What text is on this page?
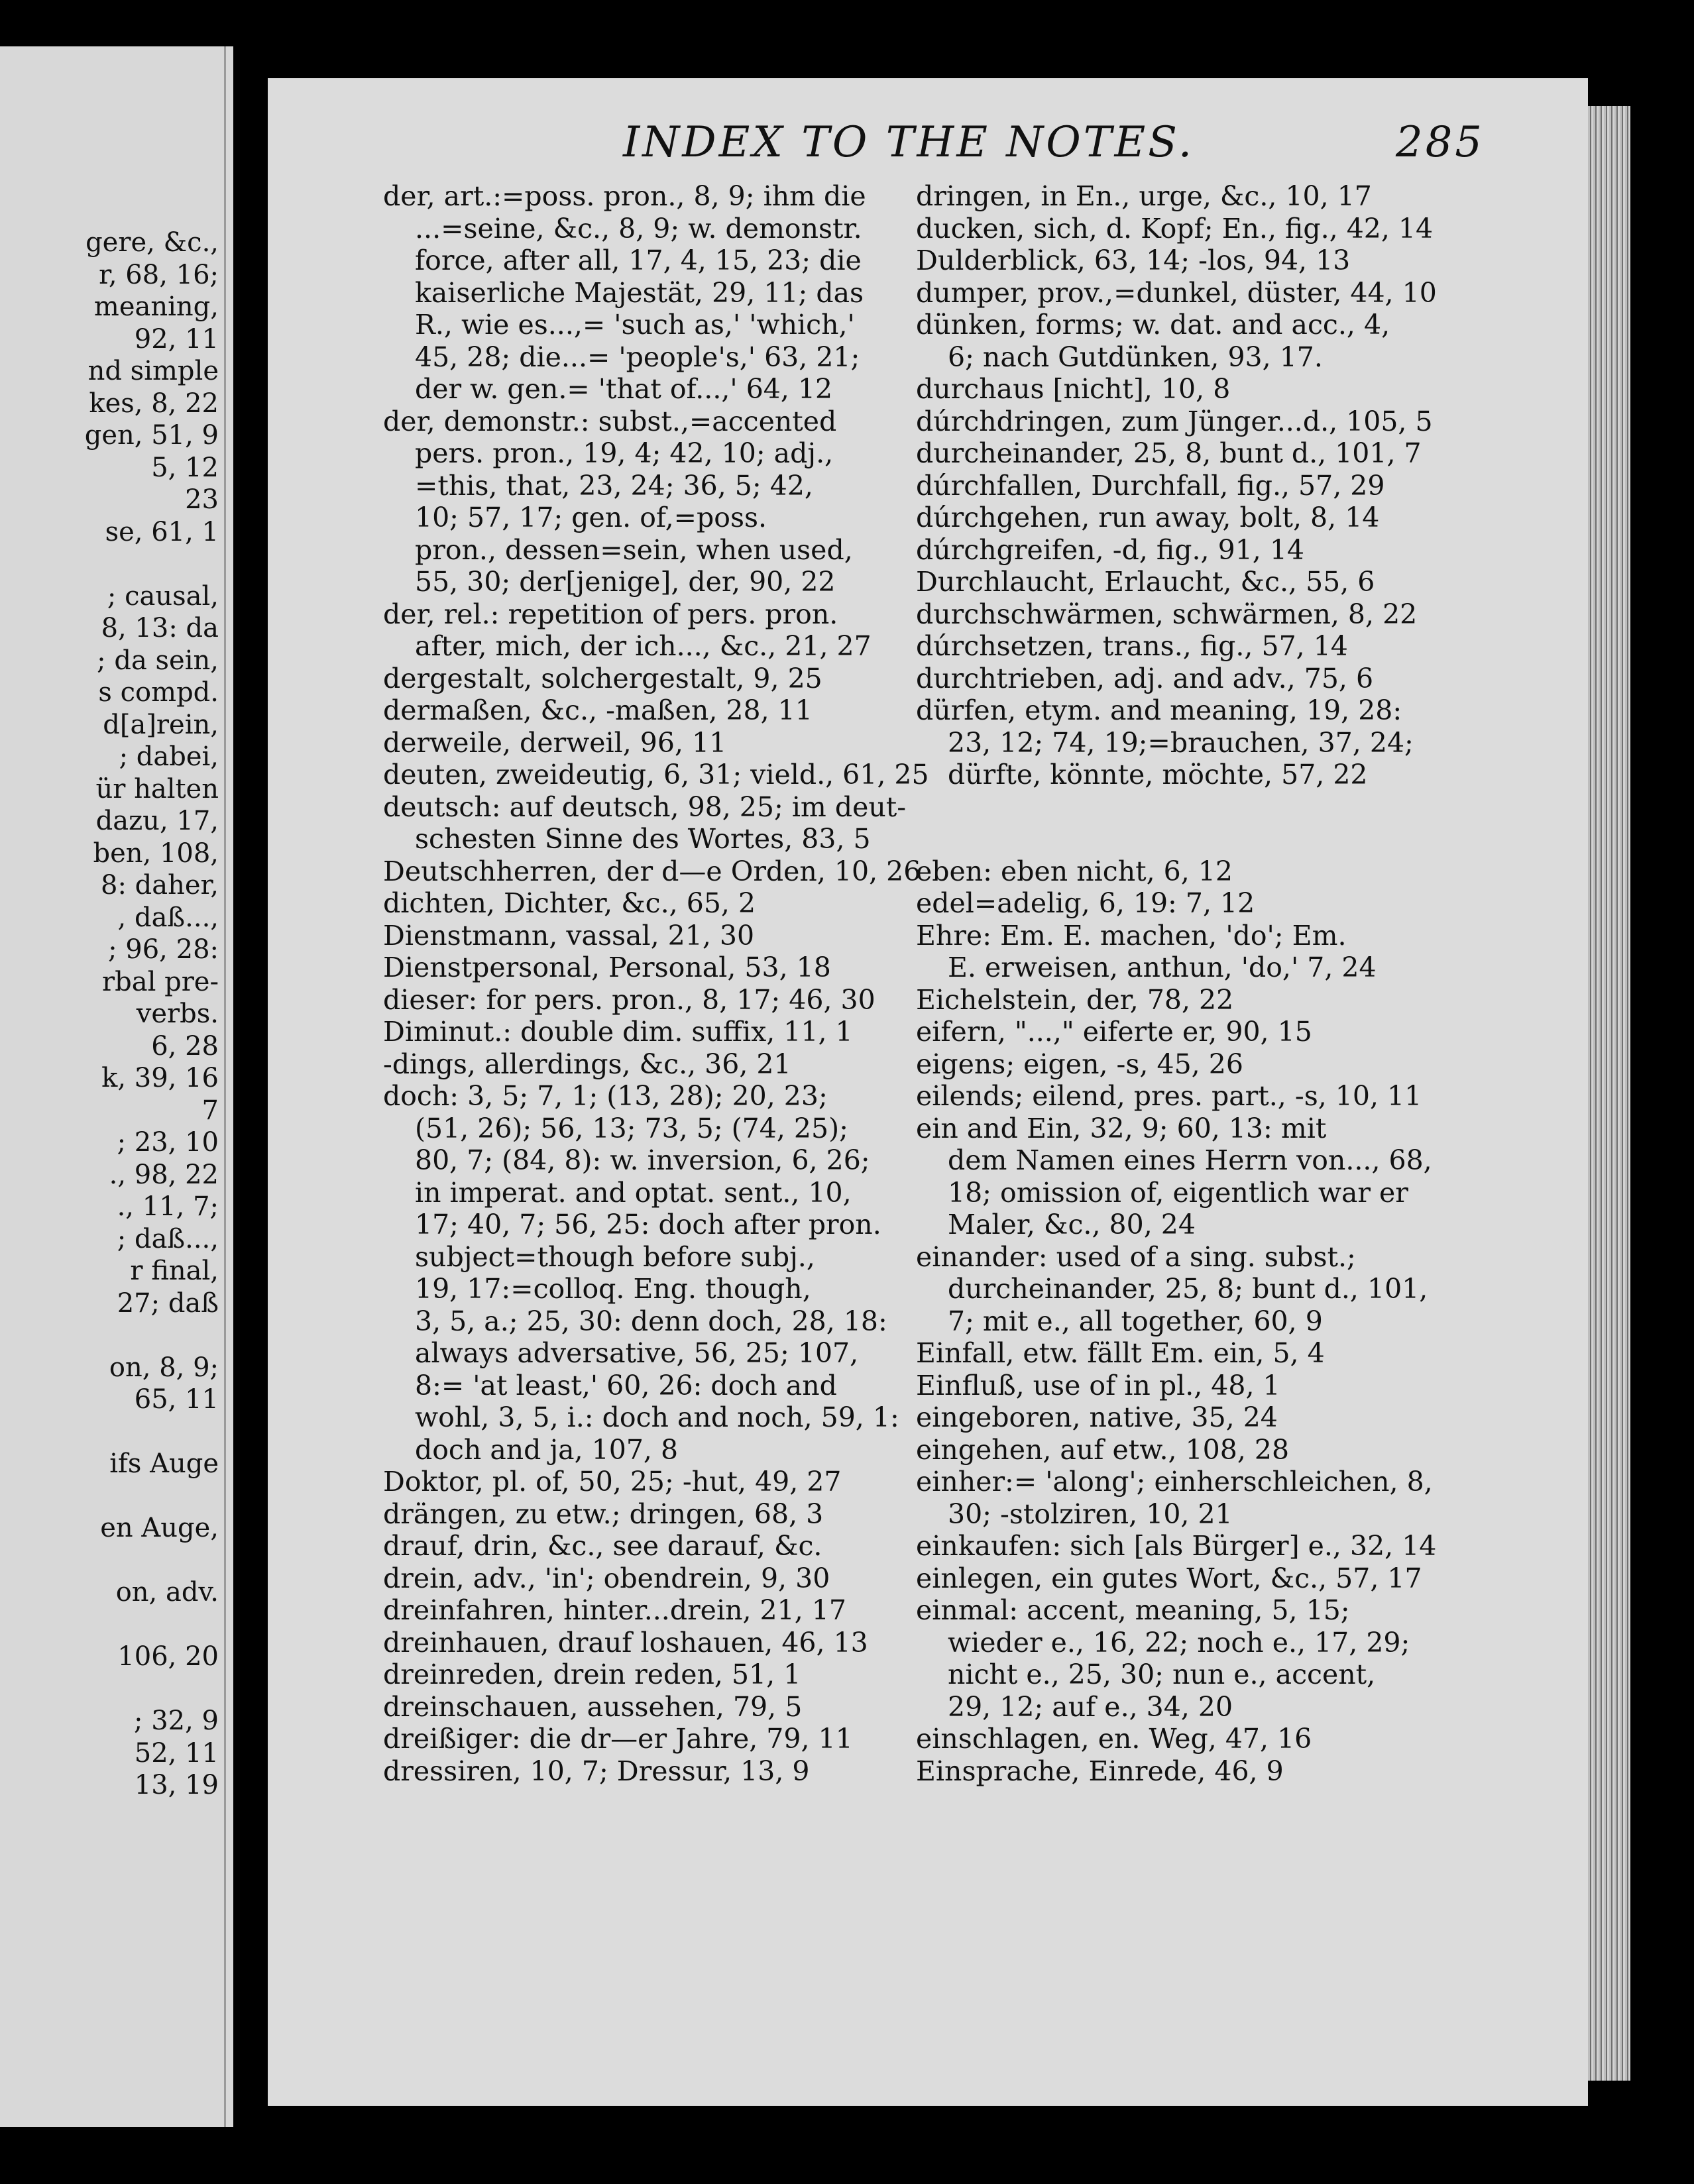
gere, &c.,
r, 68, 16;
meaning,
92, 11
nd simple
kes, 8, 22
gen, 51, 9
5, 12
23
se, 61, 1
; causal,
8, 13: da
; da sein,
s compd.
d[a]rein,
; dabei,
ür halten
dazu, 17,
ben, 108,
8: daher,
, daß...,
; 96, 28:
rbal pre-
verbs.
6, 28
k, 39, 16
7
; 23, 10
., 98, 22
., 11, 7;
; daß...,
r final,
27; daß
on, 8, 9;
65, 11
ifs Auge
en Auge,
on, adv.
106, 20
; 32, 9
52, 11
13, 19
INDEX TO THE NOTES.	285
der, art.:=poss. pron., 8, 9; ihm die
...=seine, &c., 8, 9; w. demonstr.
force, after all, 17, 4, 15, 23; die
kaiserliche Majestät, 29, 11; das
R., wie es...,= 'such as,' 'which,'
45, 28; die...= 'people's,' 63, 21;
der w. gen.= 'that of...,' 64, 12
der, demonstr.: subst.,=accented
pers. pron., 19, 4; 42, 10; adj.,
=this, that, 23, 24; 36, 5; 42,
10; 57, 17; gen. of,=poss.
pron., dessen=sein, when used,
55, 30; der[jenige], der, 90, 22
der, rel.: repetition of pers. pron.
after, mich, der ich..., &c., 21, 27
dergestalt, solchergestalt, 9, 25
dermaßen, &c., -maßen, 28, 11
derweile, derweil, 96, 11
deuten, zweideutig, 6, 31; vield., 61, 25
deutsch: auf deutsch, 98, 25; im deut-
schesten Sinne des Wortes, 83, 5
Deutschherren, der d—e Orden, 10, 26
dichten, Dichter, &c., 65, 2
Dienstmann, vassal, 21, 30
Dienstpersonal, Personal, 53, 18
dieser: for pers. pron., 8, 17; 46, 30
Diminut.: double dim. suffix, 11, 1
-dings, allerdings, &c., 36, 21
doch: 3, 5; 7, 1; (13, 28); 20, 23;
(51, 26); 56, 13; 73, 5; (74, 25);
80, 7; (84, 8): w. inversion, 6, 26;
in imperat. and optat. sent., 10,
17; 40, 7; 56, 25: doch after pron.
subject=though before subj.,
19, 17:=colloq. Eng. though,
3, 5, a.; 25, 30: denn doch, 28, 18:
always adversative, 56, 25; 107,
8:= 'at least,' 60, 26: doch and
wohl, 3, 5, i.: doch and noch, 59, 1:
doch and ja, 107, 8
Doktor, pl. of, 50, 25; -hut, 49, 27
drängen, zu etw.; dringen, 68, 3
drauf, drin, &c., see darauf, &c.
drein, adv., 'in'; obendrein, 9, 30
dreinfahren, hinter...drein, 21, 17
dreinhauen, drauf loshauen, 46, 13
dreinreden, drein reden, 51, 1
dreinschauen, aussehen, 79, 5
dreißiger: die dr—er Jahre, 79, 11
dressiren, 10, 7; Dressur, 13, 9
dringen, in En., urge, &c., 10, 17
ducken, sich, d. Kopf; En., fig., 42, 14
Dulderblick, 63, 14; -los, 94, 13
dumper, prov.,=dunkel, düster, 44, 10
dünken, forms; w. dat. and acc., 4,
6; nach Gutdünken, 93, 17.
durchaus [nicht], 10, 8
dúrchdringen, zum Jünger...d., 105, 5
durcheinander, 25, 8, bunt d., 101, 7
dúrchfallen, Durchfall, fig., 57, 29
dúrchgehen, run away, bolt, 8, 14
dúrchgreifen, -d, fig., 91, 14
Durchlaucht, Erlaucht, &c., 55, 6
durchschwärmen, schwärmen, 8, 22
dúrchsetzen, trans., fig., 57, 14
durchtrieben, adj. and adv., 75, 6
dürfen, etym. and meaning, 19, 28:
23, 12; 74, 19;=brauchen, 37, 24;
dürfte, könnte, möchte, 57, 22
eben: eben nicht, 6, 12
edel=adelig, 6, 19: 7, 12
Ehre: Em. E. machen, 'do'; Em.
E. erweisen, anthun, 'do,' 7, 24
Eichelstein, der, 78, 22
eifern, "...," eiferte er, 90, 15
eigens; eigen, -s, 45, 26
eilends; eilend, pres. part., -s, 10, 11
ein and Ein, 32, 9; 60, 13: mit
dem Namen eines Herrn von..., 68,
18; omission of, eigentlich war er
Maler, &c., 80, 24
einander: used of a sing. subst.;
durcheinander, 25, 8; bunt d., 101,
7; mit e., all together, 60, 9
Einfall, etw. fällt Em. ein, 5, 4
Einfluß, use of in pl., 48, 1
eingeboren, native, 35, 24
eingehen, auf etw., 108, 28
einher:= 'along'; einherschleichen, 8,
30; -stolziren, 10, 21
einkaufen: sich [als Bürger] e., 32, 14
einlegen, ein gutes Wort, &c., 57, 17
einmal: accent, meaning, 5, 15;
wieder e., 16, 22; noch e., 17, 29;
nicht e., 25, 30; nun e., accent,
29, 12; auf e., 34, 20
einschlagen, en. Weg, 47, 16
Einsprache, Einrede, 46, 9
